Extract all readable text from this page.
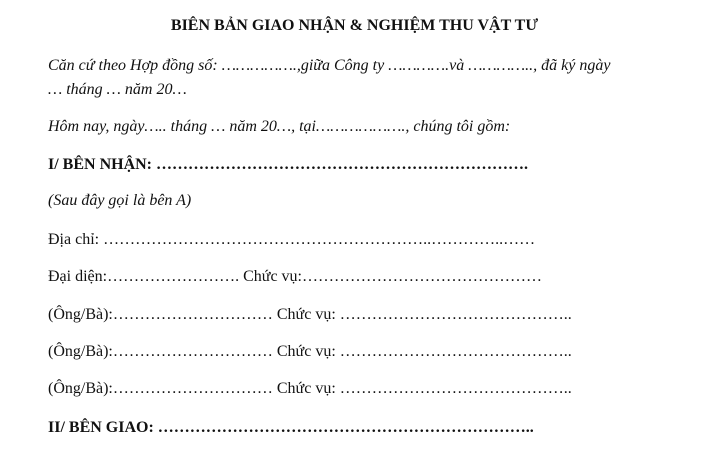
BIÊN BẢN GIAO NHẬN & NGHIỆM THU VẬT TƯ
Căn cứ theo Hợp đồng số: …………….,giữa Công ty ………….và ………….., đã ký ngày
… tháng … năm 20…
Hôm nay, ngày….. tháng … năm 20…, tại………………., chúng tôi gồm:
I/ BÊN NHẬN: …………………………………………………………….
(Sau đây gọi là bên A)
Địa chỉ: ……………………………………………………..…………..……
Đại diện:……………………. Chức vụ:………………………………………
(Ông/Bà):………………………… Chức vụ: ……………………………………..
(Ông/Bà):………………………… Chức vụ: ……………………………………..
(Ông/Bà):………………………… Chức vụ: ……………………………………..
II/ BÊN GIAO: ……………………………………………………………..
